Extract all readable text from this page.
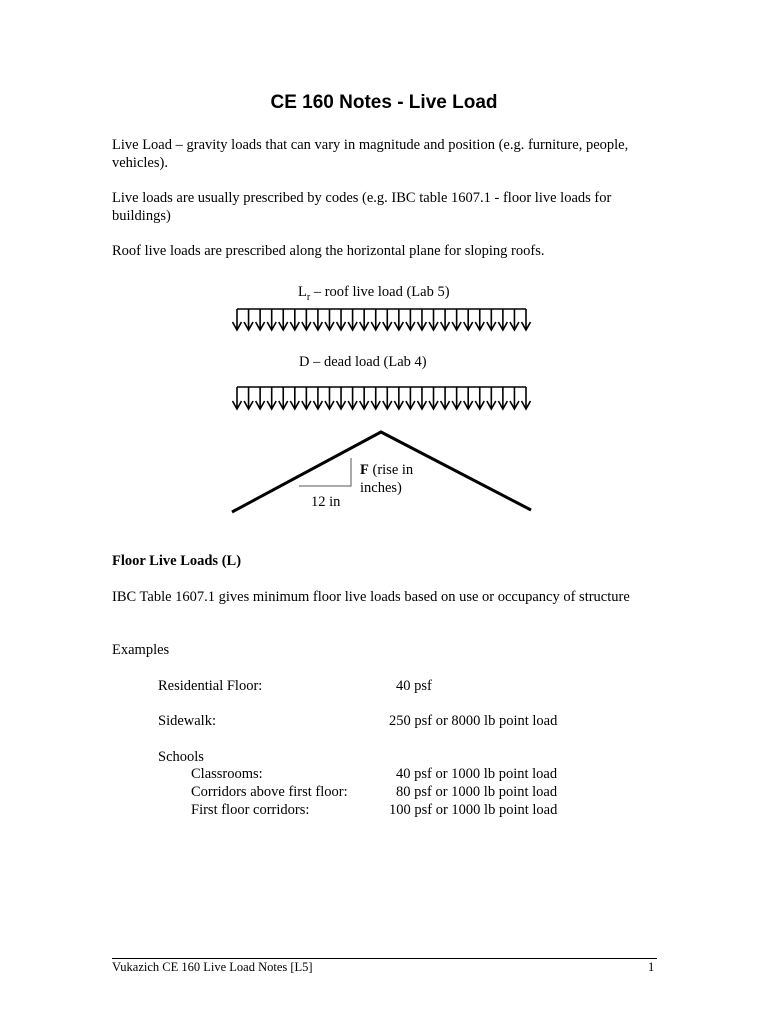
CE 160 Notes - Live Load
Live Load – gravity loads that can vary in magnitude and position (e.g. furniture, people, vehicles).
Live loads are usually prescribed by codes (e.g. IBC table 1607.1 - floor live loads for buildings)
Roof live loads are prescribed along the horizontal plane for sloping roofs.
$L_r$ – roof live load (Lab 5)
D – dead load (Lab 4)
F (rise in
inches)
12 in
Floor Live Loads (L)
IBC Table 1607.1 gives minimum floor live loads based on use or occupancy of structure
Examples
Residential Floor:	40 psf
Sidewalk:	250 psf or 8000 lb point load
Schools
Classrooms:	40 psf or 1000 lb point load
Corridors above first floor:	80 psf or 1000 lb point load
First floor corridors:	100 psf or 1000 lb point load
Vukazich CE 160 Live Load Notes [L5]	1
